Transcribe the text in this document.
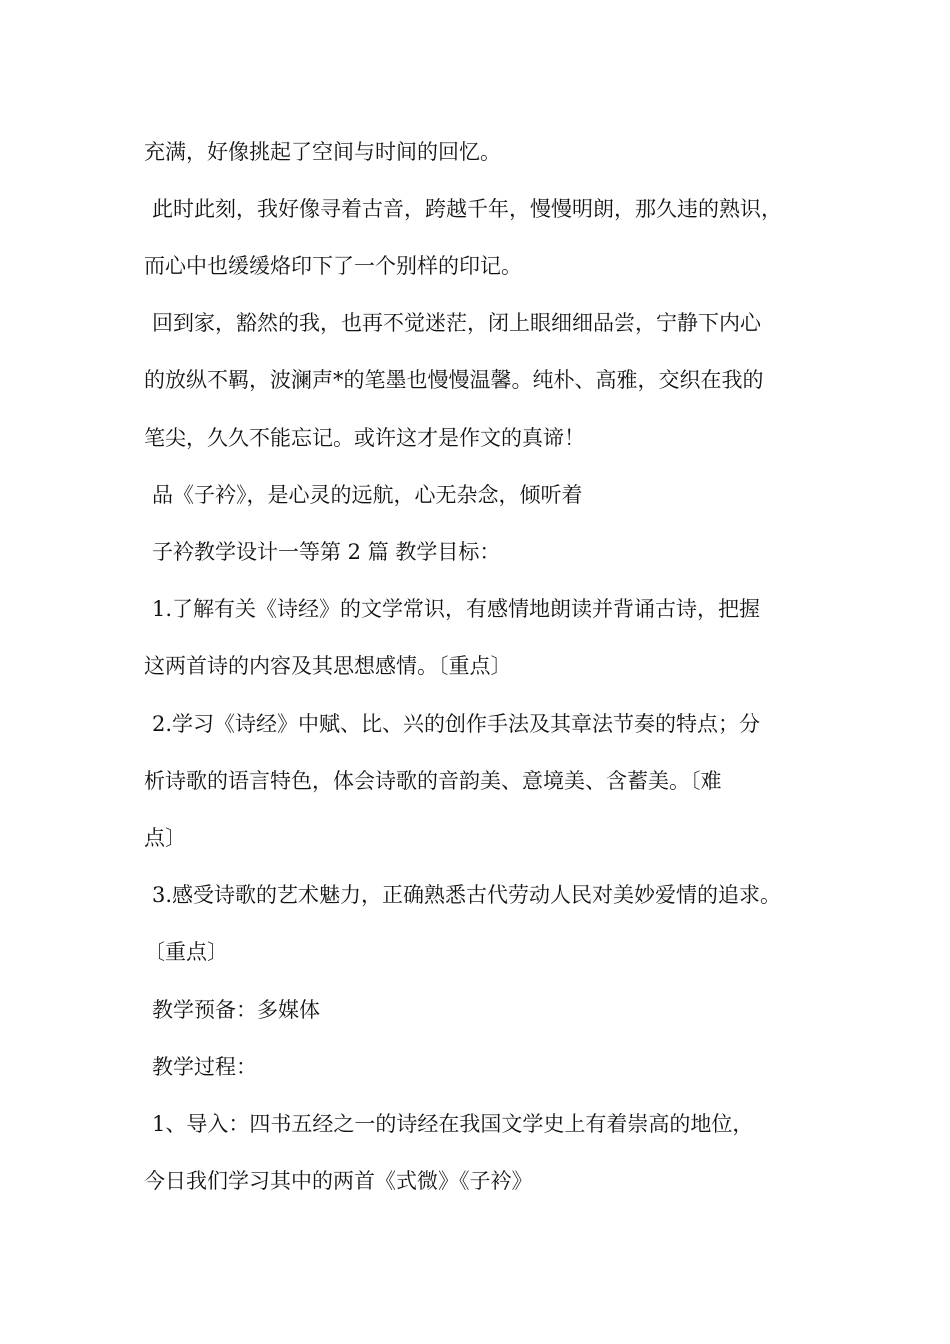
充满，好像挑起了空间与时间的回忆。
此时此刻，我好像寻着古音，跨越千年，慢慢明朗，那久违的熟识，
而心中也缓缓烙印下了一个别样的印记。
回到家，豁然的我，也再不觉迷茫，闭上眼细细品尝，宁静下内心
的放纵不羁，波澜声*的笔墨也慢慢温馨。纯朴、高雅，交织在我的
笔尖，久久不能忘记。或许这才是作文的真谛！
品《子衿》，是心灵的远航，心无杂念，倾听着
子衿教学设计一等第 2 篇 教学目标：
1.了解有关《诗经》的文学常识，有感情地朗读并背诵古诗，把握
这两首诗的内容及其思想感情。〔重点〕
2.学习《诗经》中赋、比、兴的创作手法及其章法节奏的特点；分
析诗歌的语言特色，体会诗歌的音韵美、意境美、含蓄美。〔难
点〕
3.感受诗歌的艺术魅力，正确熟悉古代劳动人民对美妙爱情的追求。
〔重点〕
教学预备：多媒体
教学过程：
1、导入：四书五经之一的诗经在我国文学史上有着崇高的地位，
今日我们学习其中的两首《式微》《子衿》
